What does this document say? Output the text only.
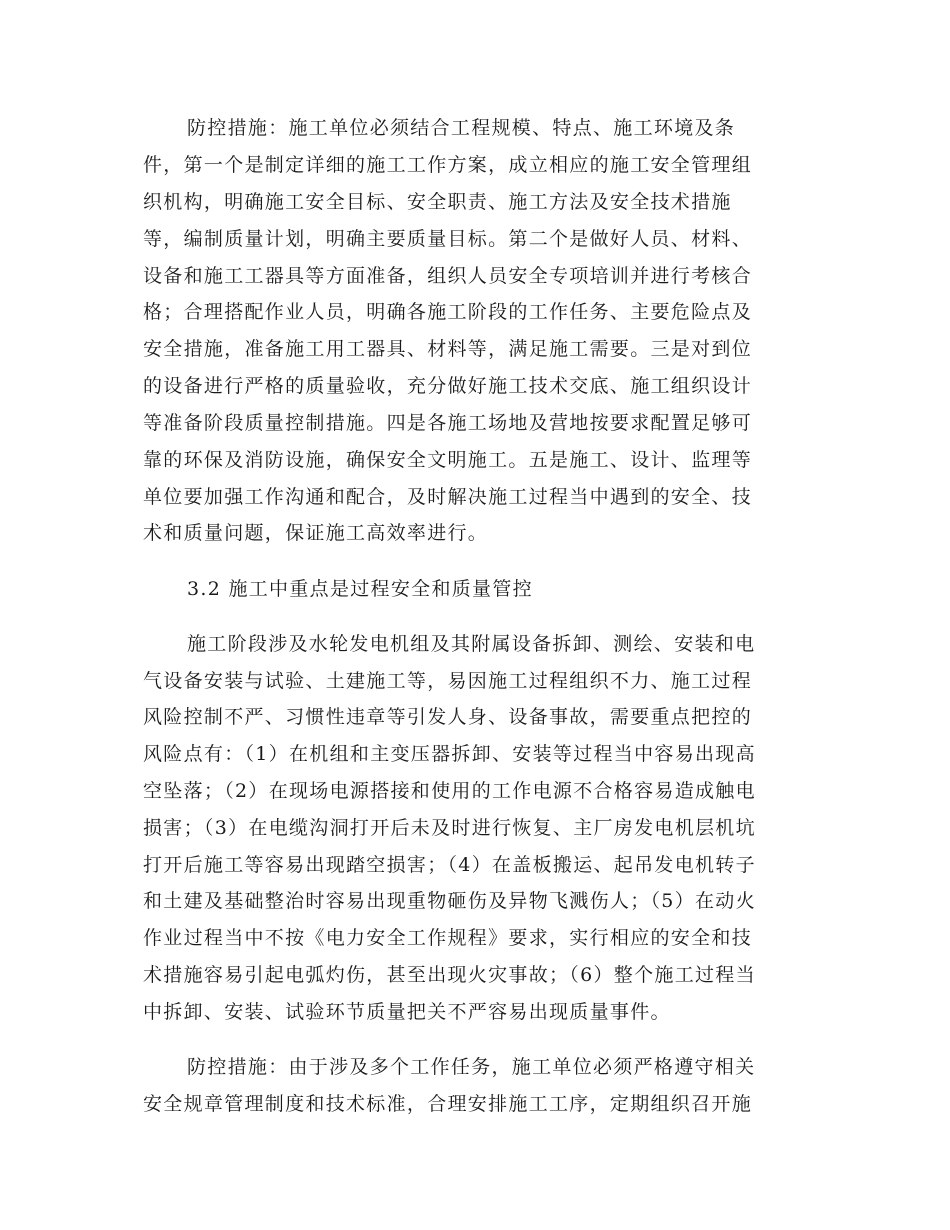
防控措施：施工单位必须结合工程规模、特点、施工环境及条

件，第一个是制定详细的施工工作方案，成立相应的施工安全管理组

织机构，明确施工安全目标、安全职责、施工方法及安全技术措施

等，编制质量计划，明确主要质量目标。第二个是做好人员、材料、

设备和施工工器具等方面准备，组织人员安全专项培训并进行考核合

格；合理搭配作业人员，明确各施工阶段的工作任务、主要危险点及

安全措施，准备施工用工器具、材料等，满足施工需要。三是对到位

的设备进行严格的质量验收，充分做好施工技术交底、施工组织设计

等准备阶段质量控制措施。四是各施工场地及营地按要求配置足够可

靠的环保及消防设施，确保安全文明施工。五是施工、设计、监理等

单位要加强工作沟通和配合，及时解决施工过程当中遇到的安全、技

术和质量问题，保证施工高效率进行。

3.2 施工中重点是过程安全和质量管控

施工阶段涉及水轮发电机组及其附属设备拆卸、测绘、安装和电

气设备安装与试验、土建施工等，易因施工过程组织不力、施工过程

风险控制不严、习惯性违章等引发人身、设备事故，需要重点把控的

风险点有：（1）在机组和主变压器拆卸、安装等过程当中容易出现高

空坠落；（2）在现场电源搭接和使用的工作电源不合格容易造成触电

损害；（3）在电缆沟洞打开后未及时进行恢复、主厂房发电机层机坑

打开后施工等容易出现踏空损害；（4）在盖板搬运、起吊发电机转子

和土建及基础整治时容易出现重物砸伤及异物飞溅伤人；（5）在动火

作业过程当中不按《电力安全工作规程》要求，实行相应的安全和技

术措施容易引起电弧灼伤，甚至出现火灾事故；（6）整个施工过程当

中拆卸、安装、试验环节质量把关不严容易出现质量事件。

防控措施：由于涉及多个工作任务，施工单位必须严格遵守相关

安全规章管理制度和技术标准，合理安排施工工序，定期组织召开施
